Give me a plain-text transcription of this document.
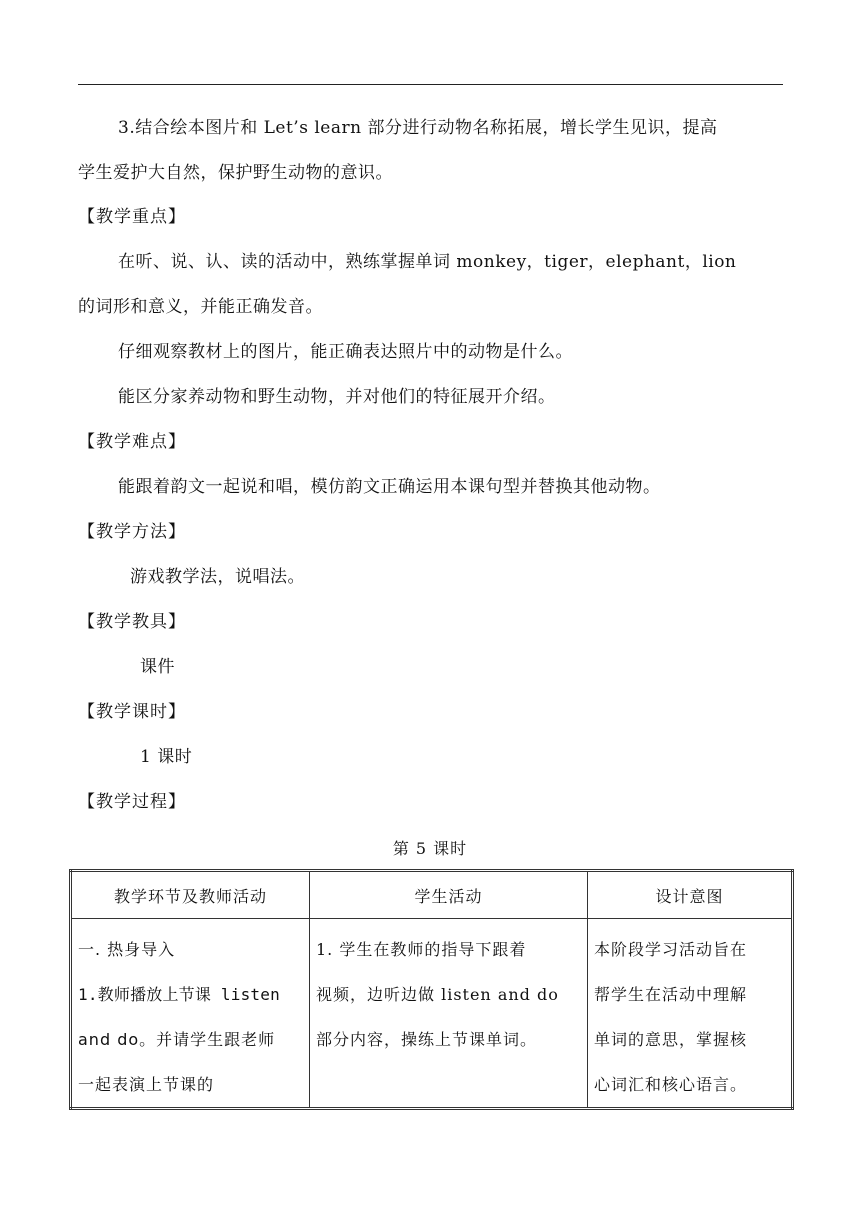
3.结合绘本图片和 Let’s learn 部分进行动物名称拓展，增长学生见识，提高
学生爱护大自然，保护野生动物的意识。
【教学重点】
在听、说、认、读的活动中，熟练掌握单词 monkey，tiger，elephant，lion
的词形和意义，并能正确发音。
仔细观察教材上的图片，能正确表达照片中的动物是什么。
能区分家养动物和野生动物，并对他们的特征展开介绍。
【教学难点】
能跟着韵文一起说和唱，模仿韵文正确运用本课句型并替换其他动物。
【教学方法】
游戏教学法，说唱法。
【教学教具】
课件
【教学课时】
1 课时
【教学过程】
第 5 课时
教学环节及教师活动	学生活动	设计意图

一. 热身导入
1.教师播放上节课 listen
and do。并请学生跟老师
一起表演上节课的	1. 学生在教师的指导下跟着
视频，边听边做 listen and do
部分内容，操练上节课单词。	本阶段学习活动旨在
帮学生在活动中理解
单词的意思，掌握核
心词汇和核心语言。
